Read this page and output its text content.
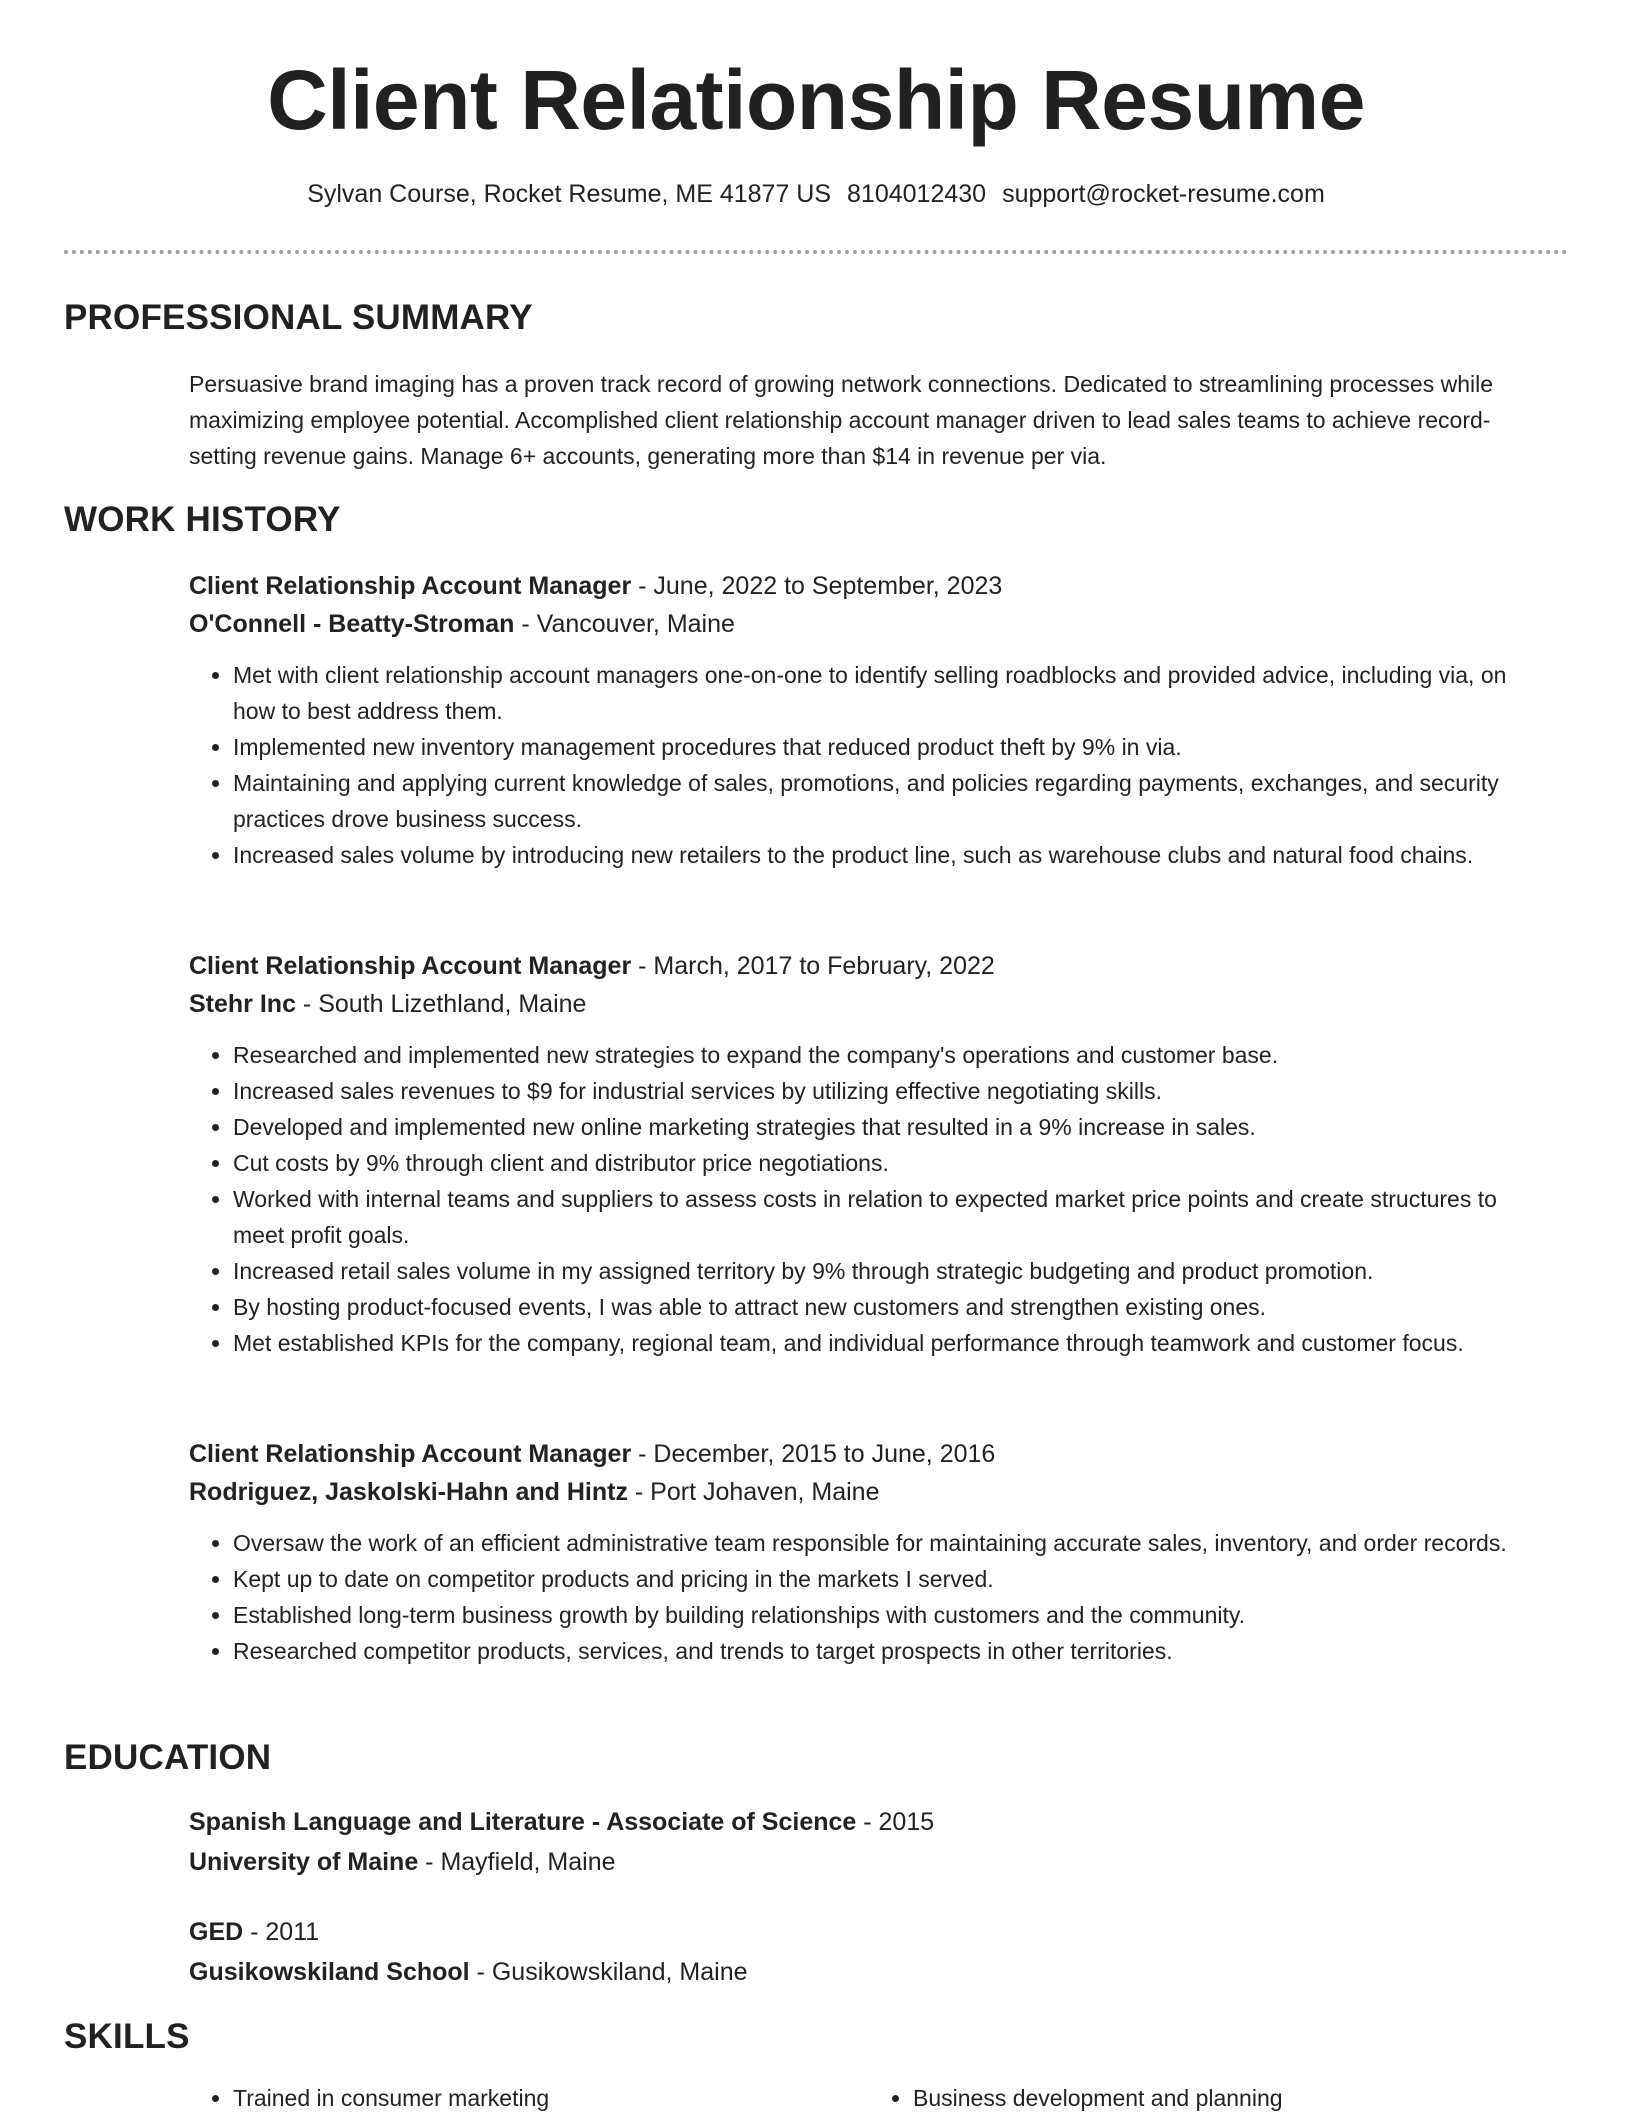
Client Relationship Resume
Sylvan Course, Rocket Resume, ME 41877 US 8104012430 support@rocket-resume.com
PROFESSIONAL SUMMARY
Persuasive brand imaging has a proven track record of growing network connections. Dedicated to streamlining processes while maximizing employee potential. Accomplished client relationship account manager driven to lead sales teams to achieve record-setting revenue gains. Manage 6+ accounts, generating more than $14 in revenue per via.
WORK HISTORY
Client Relationship Account Manager - June, 2022 to September, 2023
O'Connell - Beatty-Stroman - Vancouver, Maine
• Met with client relationship account managers one-on-one to identify selling roadblocks and provided advice, including via, on how to best address them.
• Implemented new inventory management procedures that reduced product theft by 9% in via.
• Maintaining and applying current knowledge of sales, promotions, and policies regarding payments, exchanges, and security practices drove business success.
• Increased sales volume by introducing new retailers to the product line, such as warehouse clubs and natural food chains.
Client Relationship Account Manager - March, 2017 to February, 2022
Stehr Inc - South Lizethland, Maine
• Researched and implemented new strategies to expand the company's operations and customer base.
• Increased sales revenues to $9 for industrial services by utilizing effective negotiating skills.
• Developed and implemented new online marketing strategies that resulted in a 9% increase in sales.
• Cut costs by 9% through client and distributor price negotiations.
• Worked with internal teams and suppliers to assess costs in relation to expected market price points and create structures to meet profit goals.
• Increased retail sales volume in my assigned territory by 9% through strategic budgeting and product promotion.
• By hosting product-focused events, I was able to attract new customers and strengthen existing ones.
• Met established KPIs for the company, regional team, and individual performance through teamwork and customer focus.
Client Relationship Account Manager - December, 2015 to June, 2016
Rodriguez, Jaskolski-Hahn and Hintz - Port Johaven, Maine
• Oversaw the work of an efficient administrative team responsible for maintaining accurate sales, inventory, and order records.
• Kept up to date on competitor products and pricing in the markets I served.
• Established long-term business growth by building relationships with customers and the community.
• Researched competitor products, services, and trends to target prospects in other territories.
EDUCATION
Spanish Language and Literature - Associate of Science - 2015
University of Maine - Mayfield, Maine
GED - 2011
Gusikowskiland School - Gusikowskiland, Maine
SKILLS
• Trained in consumer marketing
•	Business development and planning
